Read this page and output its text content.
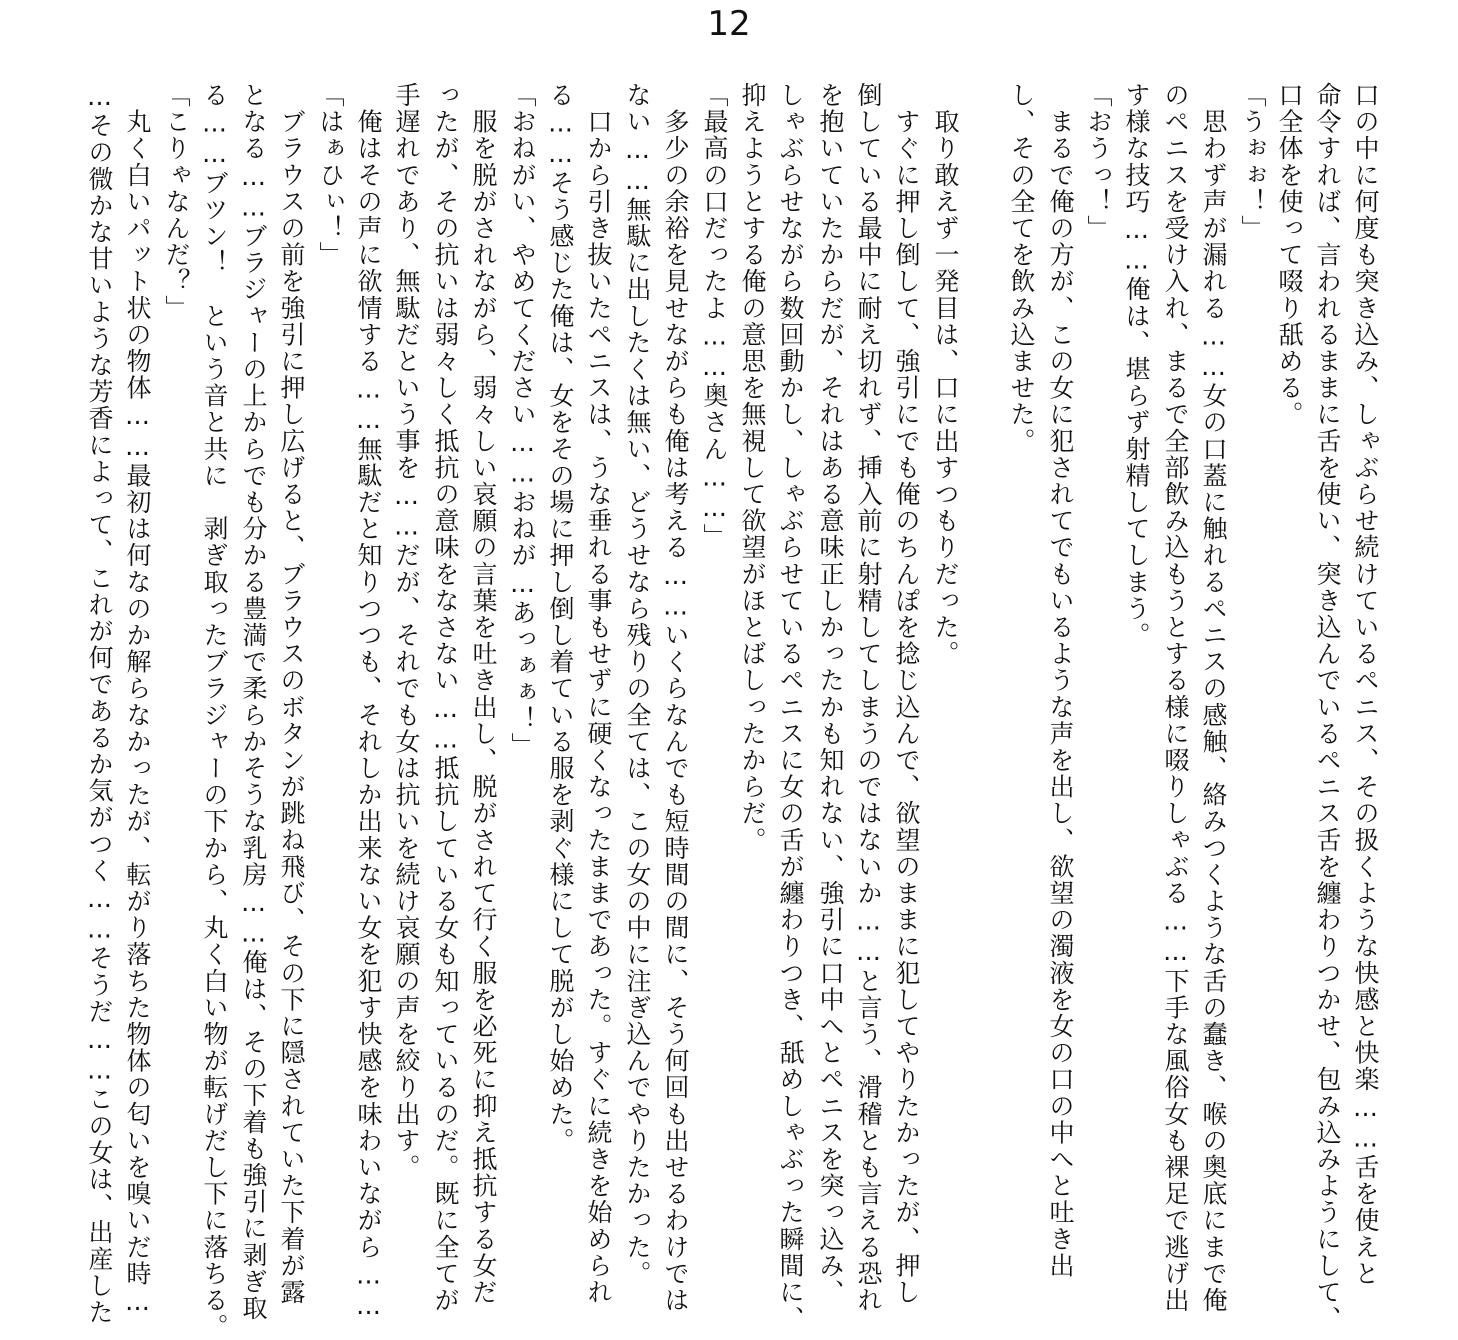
12
口の中に何度も突き込み、しゃぶらせ続けているペニス、その扱くような快感と快楽……舌を使えと
命令すれば、言われるままに舌を使い、突き込んでいるペニス舌を纏わりつかせ、包み込みようにして、
口全体を使って啜り舐める。
「うぉぉ！」
　思わず声が漏れる……女の口蓋に触れるペニスの感触、絡みつくような舌の蠢き、喉の奥底にまで俺
のペニスを受け入れ、まるで全部飲み込もうとする様に啜りしゃぶる……下手な風俗女も裸足で逃げ出
す様な技巧……俺は、堪らず射精してしまう。
「おうっ！」
　まるで俺の方が、この女に犯されてでもいるような声を出し、欲望の濁液を女の口の中へと吐き出
し、その全てを飲み込ませた。
　取り敢えず一発目は、口に出すつもりだった。
　すぐに押し倒して、強引にでも俺のちんぽを捻じ込んで、欲望のままに犯してやりたかったが、押し
倒している最中に耐え切れず、挿入前に射精してしまうのではないか……と言う、滑稽とも言える恐れ
を抱いていたからだが、それはある意味正しかったかも知れない、強引に口中へとペニスを突っ込み、
しゃぶらせながら数回動かし、しゃぶらせているペニスに女の舌が纏わりつき、舐めしゃぶった瞬間に、
抑えようとする俺の意思を無視して欲望がほとばしったからだ。
「最高の口だったよ……奥さん……」
　多少の余裕を見せながらも俺は考える……いくらなんでも短時間の間に、そう何回も出せるわけでは
ない……無駄に出したくは無い、どうせなら残りの全ては、この女の中に注ぎ込んでやりたかった。
　口から引き抜いたペニスは、うな垂れる事もせずに硬くなったままであった。すぐに続きを始められ
る……そう感じた俺は、女をその場に押し倒し着ている服を剥ぐ様にして脱がし始めた。
「おねがい、やめてください……おねが…あっぁぁ！」
　服を脱がされながら、弱々しい哀願の言葉を吐き出し、脱がされて行く服を必死に抑え抵抗する女だ
ったが、その抗いは弱々しく抵抗の意味をなさない……抵抗している女も知っているのだ。既に全てが
手遅れであり、無駄だという事を……だが、それでも女は抗いを続け哀願の声を絞り出す。
　俺はその声に欲情する……無駄だと知りつつも、それしか出来ない女を犯す快感を味わいながら……
「はぁひぃ！」
　ブラウスの前を強引に押し広げると、ブラウスのボタンが跳ね飛び、その下に隠されていた下着が露
となる……ブラジャーの上からでも分かる豊満で柔らかそうな乳房……俺は、その下着も強引に剥ぎ取
る……ブツン！　という音と共に　剥ぎ取ったブラジャーの下から、丸く白い物が転げだし下に落ちる。
「こりゃなんだ？」
　丸く白いパット状の物体……最初は何なのか解らなかったが、転がり落ちた物体の匂いを嗅いだ時…
…その微かな甘いような芳香によって、これが何であるか気がつく……そうだ……この女は、出産した
